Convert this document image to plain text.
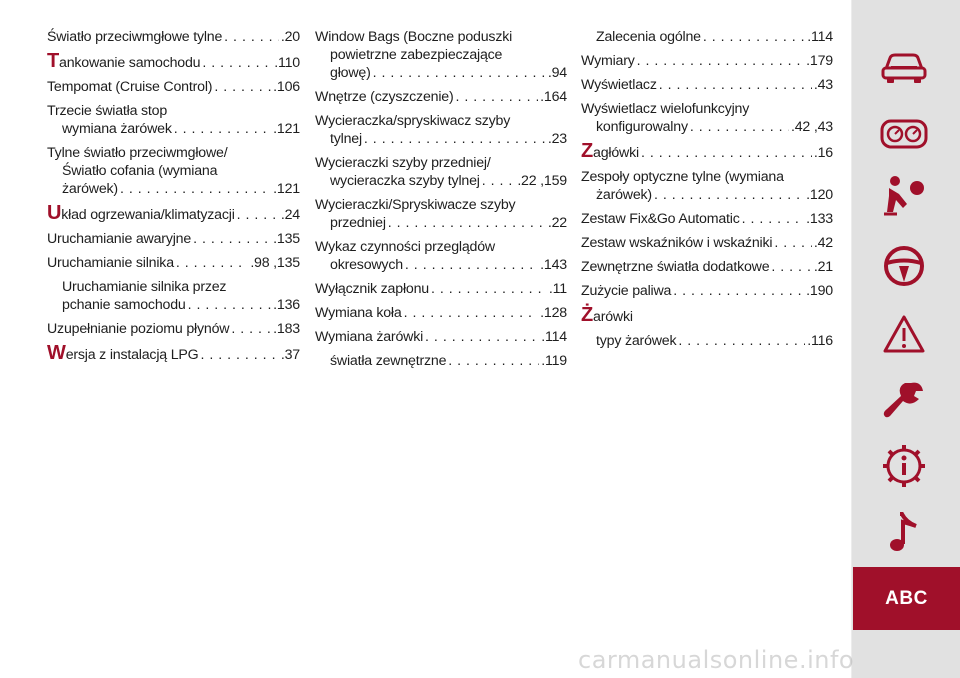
Światło przeciwmgłowe tylne . . .	.20
Tankowanie samochodu . . .	.110
Tempomat (Cruise Control) . . .	.106
Trzecie światła stop
wymiana żarówek . . .	.121
Tylne światło przeciwmgłowe/
Światło cofania (wymiana
żarówek) . . .	.121
Układ ogrzewania/klimatyzacji . . .	.24
Uruchamianie awaryjne . . .	.135
Uruchamianie silnika . . .	.98 ,135
Uruchamianie silnika przez
pchanie samochodu . . .	.136
Uzupełnianie poziomu płynów . . .	.183
Wersja z instalacją LPG . . .	.37
Window Bags (Boczne poduszki
powietrzne zabezpieczające
głowę) . . .	.94
Wnętrze (czyszczenie) . . .	.164
Wycieraczka/spryskiwacz szyby
tylnej . . .	.23
Wycieraczki szyby przedniej/
wycieraczka szyby tylnej . . .	.22 ,159
Wycieraczki/Spryskiwacze szyby
przedniej . . .	.22
Wykaz czynności przeglądów
okresowych . . .	.143
Wyłącznik zapłonu . . .	.11
Wymiana koła . . .	.128
Wymiana żarówki . . .	.114
światła zewnętrzne . . .	.119
Zalecenia ogólne . . .	.114
Wymiary . . .	.179
Wyświetlacz . . .	.43
Wyświetlacz wielofunkcyjny
konfigurowalny . . .	.42 ,43
Zagłówki . . .	.16
Zespoły optyczne tylne (wymiana
żarówek) . . .	.120
Zestaw Fix&Go Automatic . . .	.133
Zestaw wskaźników i wskaźniki . . .	.42
Zewnętrzne światła dodatkowe . . .	.21
Zużycie paliwa . . .	.190
Żarówki
typy żarówek . . .	.116
ABC
carmanualsonline.info
